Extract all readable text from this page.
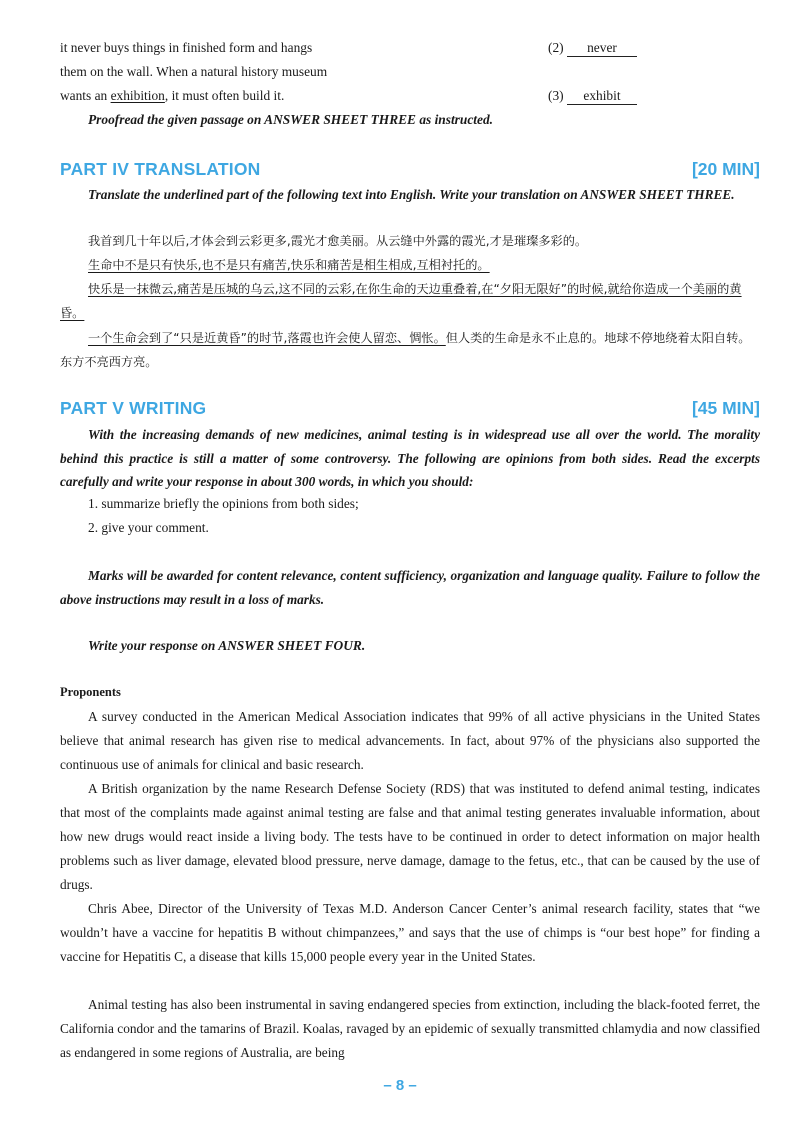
it never buys things in finished form and hangs	(2) never
them on the wall. When a natural history museum
wants an exhibition, it must often build it.	(3) exhibit
Proofread the given passage on ANSWER SHEET THREE as instructed.
PART IV TRANSLATION	[20 MIN]
Translate the underlined part of the following text into English. Write your translation on ANSWER SHEET THREE.
我首到几十年以后,才体会到云彩更多,霞光才愈美丽。从云缝中外露的霞光,才是璀璨多彩的。
生命中不是只有快乐,也不是只有痛苦,快乐和痛苦是相生相成,互相衬托的。
快乐是一抹微云,痛苦是压城的乌云,这不同的云彩,在你生命的天边重叠着,在“夕阳无限好”的时候,就给你造成一个美丽的黄昏。
一个生命会到了“只是近黄昏”的时节,落霞也许会使人留恋、惆怅。但人类的生命是永不止息的。地球不停地绕着太阳自转。东方不亮西方亮。
PART V WRITING	[45 MIN]
With the increasing demands of new medicines, animal testing is in widespread use all over the world. The morality behind this practice is still a matter of some controversy. The following are opinions from both sides. Read the excerpts carefully and write your response in about 300 words, in which you should:
1. summarize briefly the opinions from both sides;
2. give your comment.
Marks will be awarded for content relevance, content sufficiency, organization and language quality. Failure to follow the above instructions may result in a loss of marks.
Write your response on ANSWER SHEET FOUR.
Proponents
A survey conducted in the American Medical Association indicates that 99% of all active physicians in the United States believe that animal research has given rise to medical advancements. In fact, about 97% of the physicians also supported the continuous use of animals for clinical and basic research.
A British organization by the name Research Defense Society (RDS) that was instituted to defend animal testing, indicates that most of the complaints made against animal testing are false and that animal testing generates invaluable information, about how new drugs would react inside a living body. The tests have to be continued in order to detect information on major health problems such as liver damage, elevated blood pressure, nerve damage, damage to the fetus, etc., that can be caused by the use of drugs.
Chris Abee, Director of the University of Texas M.D. Anderson Cancer Center’s animal research facility, states that “we wouldn’t have a vaccine for hepatitis B without chimpanzees,” and says that the use of chimps is “our best hope” for finding a vaccine for Hepatitis C, a disease that kills 15,000 people every year in the United States.
Animal testing has also been instrumental in saving endangered species from extinction, including the black-footed ferret, the California condor and the tamarins of Brazil. Koalas, ravaged by an epidemic of sexually transmitted chlamydia and now classified as endangered in some regions of Australia, are being
– 8 –
